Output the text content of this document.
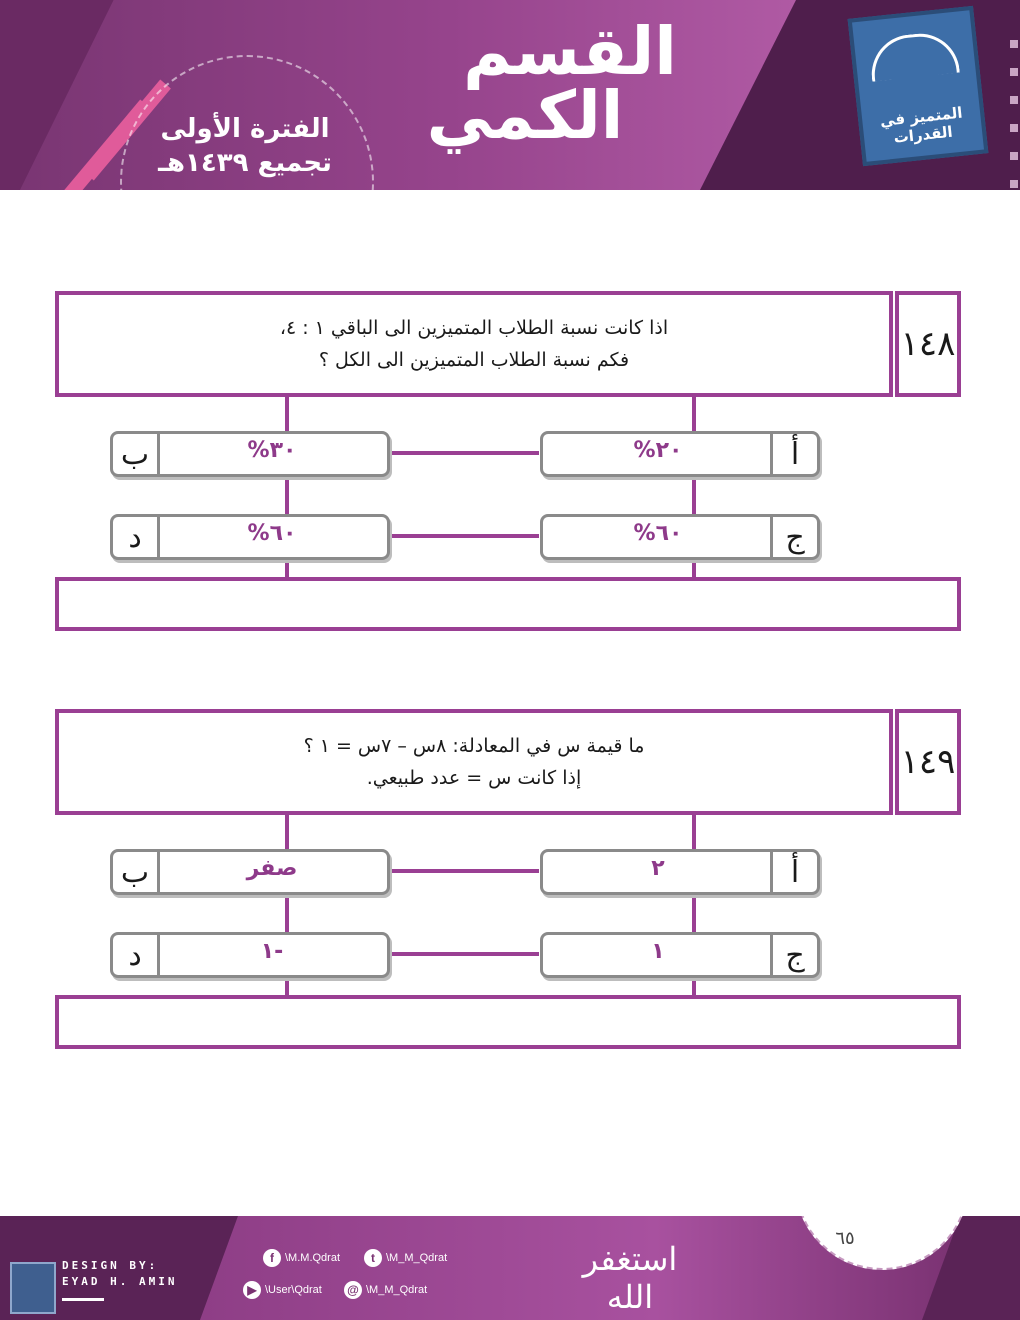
القسم
الكمي
الفترة الأولى
تجميع ١٤٣٩هـ
المتميز في القدرات
اذا كانت نسبة الطلاب المتميزين الى الباقي ١ : ٤،
فكم نسبة الطلاب المتميزين الى الكل ؟	١٤٨
٢٠%	أ
ب	٣٠%
٦٠%	ج
د	٦٠%
ما قيمة س في المعادلة: ٨س – ٧س = ١ ؟
إذا كانت س = عدد طبيعي.	١٤٩
٢	أ
ب	صفر
١	ج
د	-١
٦٥
DESIGN BY:
EYAD H. AMIN
f	\M.M.Qdrat	t	\M_M_Qdrat
▶ \User\Qdrat @ \M_M_Qdrat
استغفر الله
